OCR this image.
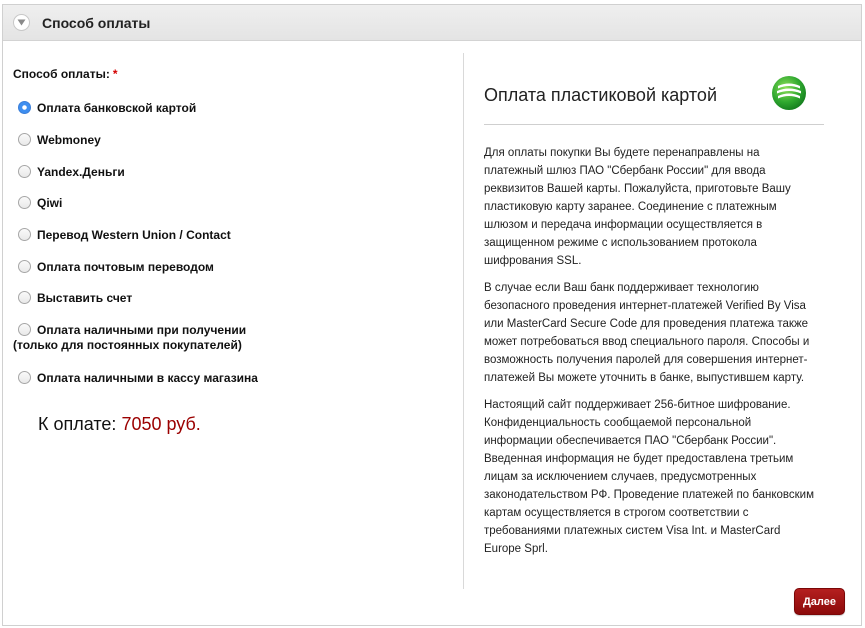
Способ оплаты
Способ оплаты: *
Оплата банковской картой
Webmoney
Yandex.Деньги
Qiwi
Перевод Western Union / Contact
Оплата почтовым переводом
Выставить счет
Оплата наличными при получении
(только для постоянных покупателей)
Оплата наличными в кассу магазина
К оплате: 7050 руб.
Оплата пластиковой картой

Для оплаты покупки Вы будете перенаправлены на платежный шлюз ПАО "Сбербанк России" для ввода реквизитов Вашей карты. Пожалуйста, приготовьте Вашу пластиковую карту заранее. Соединение с платежным шлюзом и передача информации осуществляется в защищенном режиме с использованием протокола шифрования SSL.

В случае если Ваш банк поддерживает технологию безопасного проведения интернет-платежей Verified By Visa или MasterCard Secure Code для проведения платежа также может потребоваться ввод специального пароля. Способы и возможность получения паролей для совершения интернет-платежей Вы можете уточнить в банке, выпустившем карту.

Настоящий сайт поддерживает 256-битное шифрование. Конфиденциальность сообщаемой персональной информации обеспечивается ПАО "Сбербанк России". Введенная информация не будет предоставлена третьим лицам за исключением случаев, предусмотренных законодательством РФ. Проведение платежей по банковским картам осуществляется в строгом соответствии с требованиями платежных систем Visa Int. и MasterCard Europe Sprl.

Далее
